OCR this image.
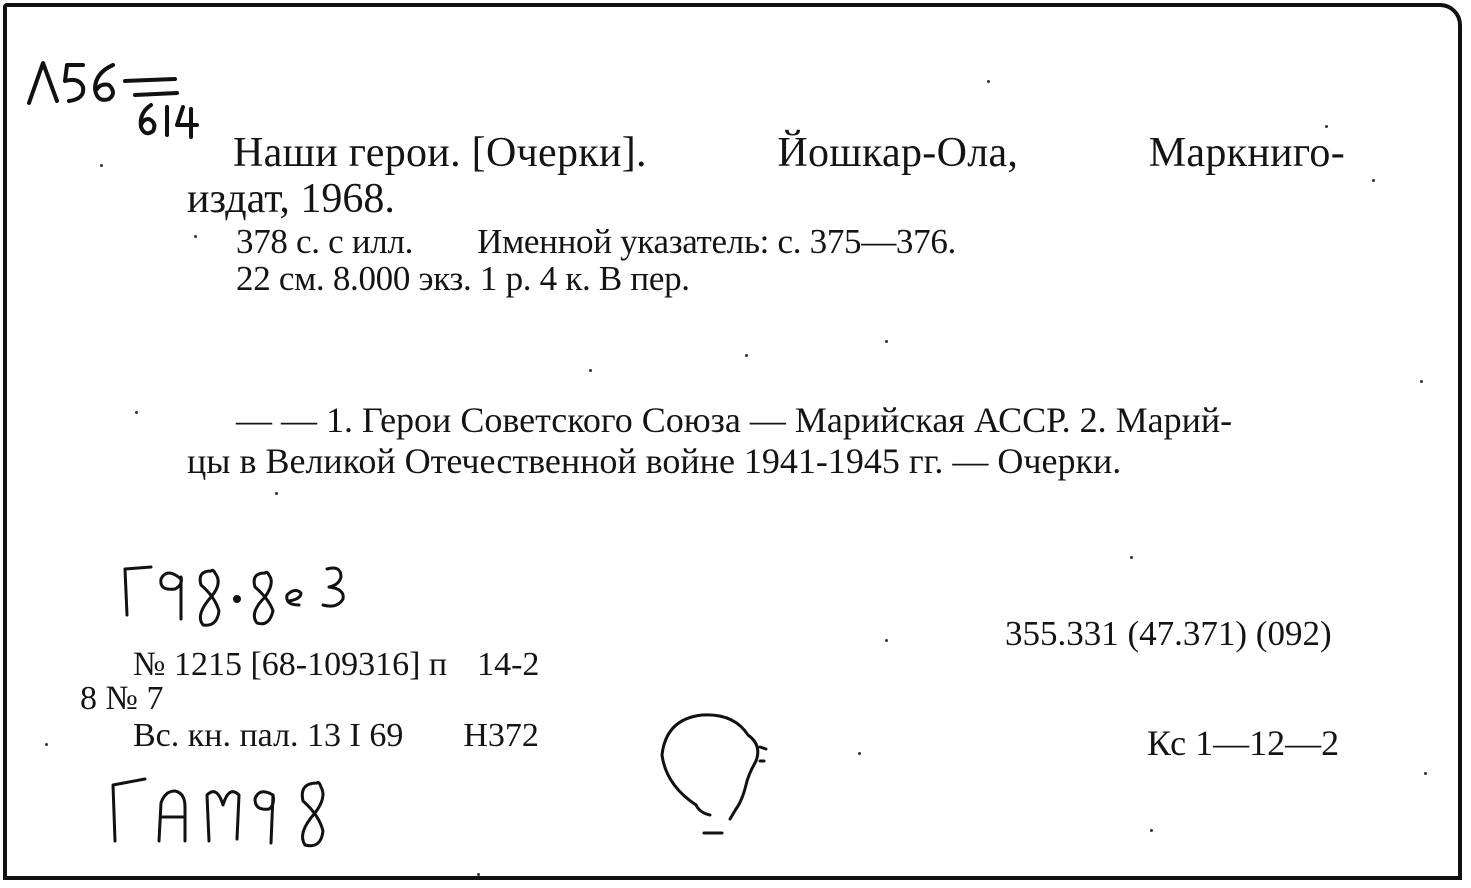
Наши герои. [Очерки].	Йошкар-Ола,	Маркниго-
издат, 1968.
378 с. с илл. Именной указатель: с. 375—376.
22 см. 8.000 экз. 1 р. 4 к. В пер.
— — 1. Герои Советского Союза — Марийская АССР. 2. Марий-
цы в Великой Отечественной войне 1941-1945 гг. — Очерки.
355.331 (47.371) (092)
№ 1215 [68-109316] п 14-2
8 № 7
Вс. кн. пал. 13 I 69 Н372	Кс 1—12—2
